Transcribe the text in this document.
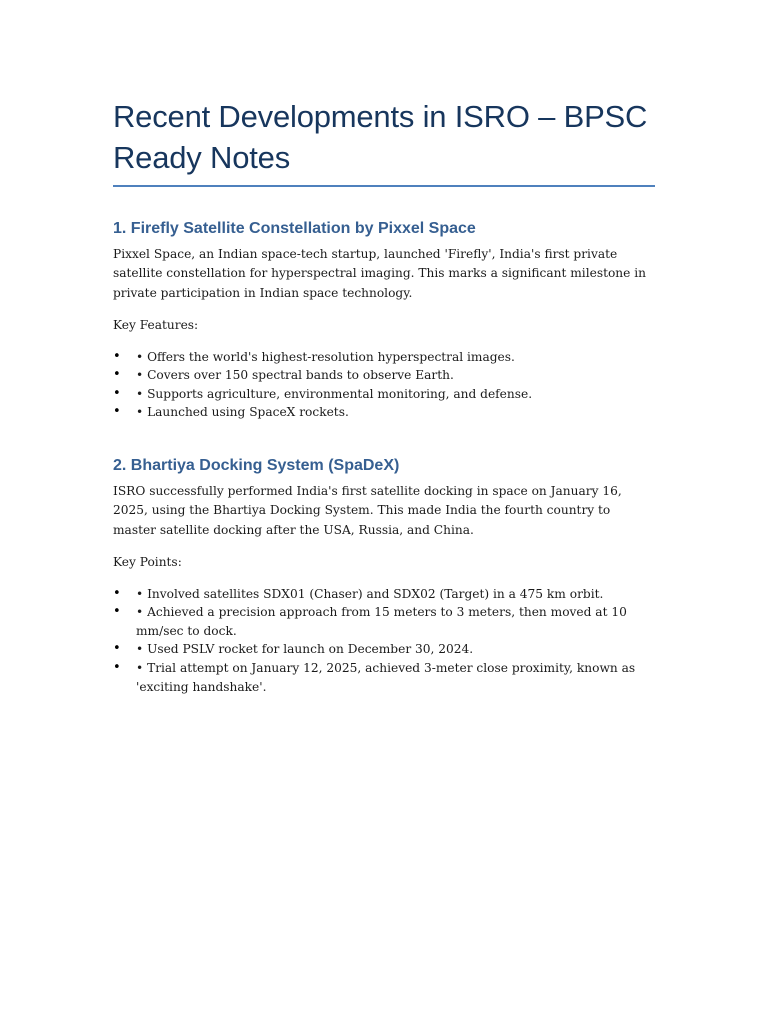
Recent Developments in ISRO – BPSC Ready Notes
1. Firefly Satellite Constellation by Pixxel Space

Pixxel Space, an Indian space-tech startup, launched 'Firefly', India's first private satellite constellation for hyperspectral imaging. This marks a significant milestone in private participation in Indian space technology.

Key Features:

• • Offers the world's highest-resolution hyperspectral images.
• • Covers over 150 spectral bands to observe Earth.
• • Supports agriculture, environmental monitoring, and defense.
• • Launched using SpaceX rockets.
2. Bhartiya Docking System (SpaDeX)

ISRO successfully performed India's first satellite docking in space on January 16, 2025, using the Bhartiya Docking System. This made India the fourth country to master satellite docking after the USA, Russia, and China.

Key Points:

• • Involved satellites SDX01 (Chaser) and SDX02 (Target) in a 475 km orbit.
• • Achieved a precision approach from 15 meters to 3 meters, then moved at 10 mm/sec to dock.
• • Used PSLV rocket for launch on December 30, 2024.
• • Trial attempt on January 12, 2025, achieved 3-meter close proximity, known as 'exciting handshake'.
